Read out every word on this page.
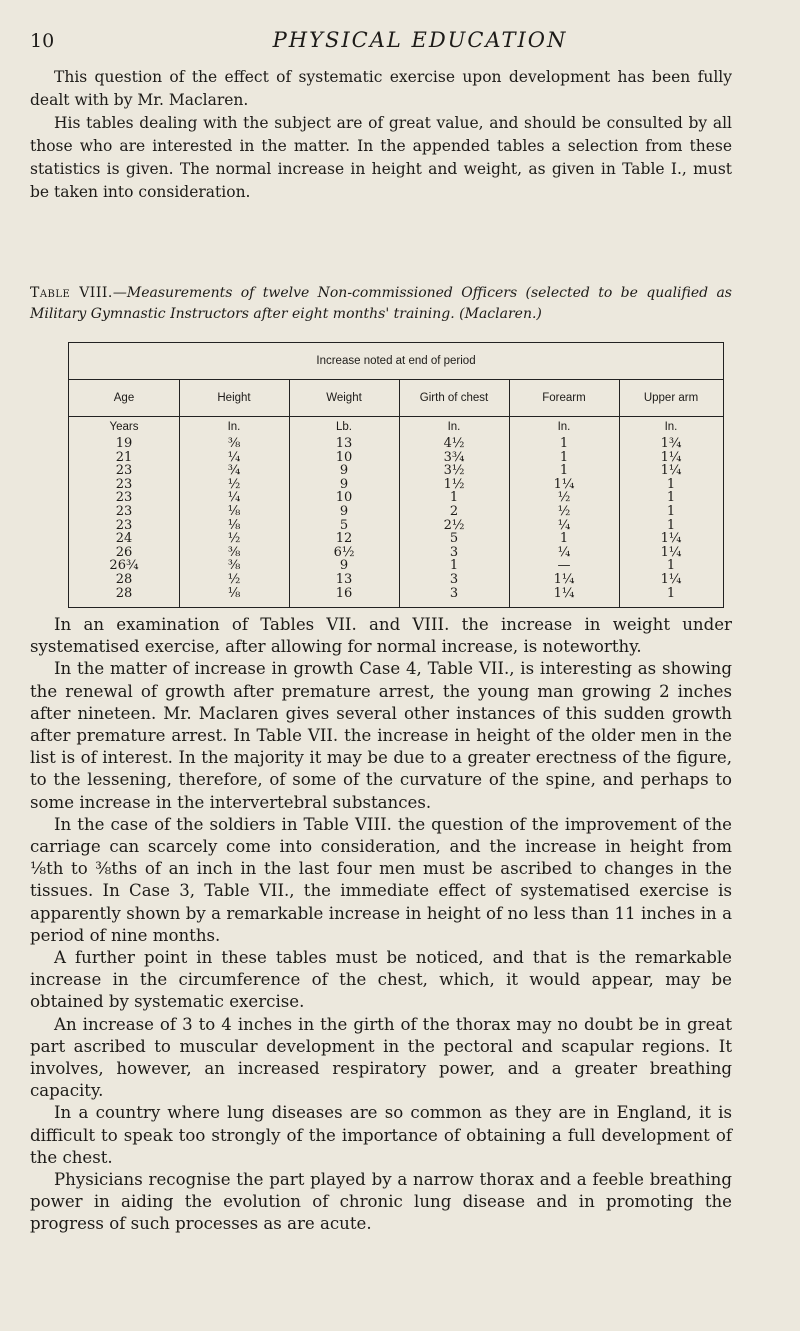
10	PHYSICAL EDUCATION

This question of the effect of systematic exercise upon development has been fully dealt with by Mr. Maclaren.

His tables dealing with the subject are of great value, and should be consulted by all those who are interested in the matter. In the appended tables a selection from these statistics is given. The normal increase in height and weight, as given in Table I., must be taken into consideration.

Table VIII.—Measurements of twelve Non-commissioned Officers (selected to be qualified as Military Gymnastic Instructors after eight months' training. (Maclaren.)
Increase noted at end of period
Age	Height	Weight	Girth of chest	Forearm	Upper arm
Years	In.	Lb.	In.	In.	In.
19	⅜	13	4½	1	1¾
21	¼	10	3¾	1	1¼
23	¾	9	3½	1	1¼
23	½	9	1½	1¼	1
23	¼	10	1	½	1
23	⅛	9	2	½	1
23	⅛	5	2½	¼	1
24	½	12	5	1	1¼
26	⅜	6½	3	¼	1¼
26¾	⅜	9	1	—	1
28	½	13	3	1¼	1¼
28	⅛	16	3	1¼	1

In an examination of Tables VII. and VIII. the increase in weight under systematised exercise, after allowing for normal increase, is noteworthy.

In the matter of increase in growth Case 4, Table VII., is interesting as showing the renewal of growth after premature arrest, the young man growing 2 inches after nineteen. Mr. Maclaren gives several other instances of this sudden growth after premature arrest. In Table VII. the increase in height of the older men in the list is of interest. In the majority it may be due to a greater erectness of the figure, to the lessening, therefore, of some of the curvature of the spine, and perhaps to some increase in the intervertebral substances.

In the case of the soldiers in Table VIII. the question of the improvement of the carriage can scarcely come into consideration, and the increase in height from ⅛th to ⅜ths of an inch in the last four men must be ascribed to changes in the tissues. In Case 3, Table VII., the immediate effect of systematised exercise is apparently shown by a remarkable increase in height of no less than 11 inches in a period of nine months.

A further point in these tables must be noticed, and that is the remarkable increase in the circumference of the chest, which, it would appear, may be obtained by systematic exercise.

An increase of 3 to 4 inches in the girth of the thorax may no doubt be in great part ascribed to muscular development in the pectoral and scapular regions. It involves, however, an increased respiratory power, and a greater breathing capacity.

In a country where lung diseases are so common as they are in England, it is difficult to speak too strongly of the importance of obtaining a full development of the chest.

Physicians recognise the part played by a narrow thorax and a feeble breathing power in aiding the evolution of chronic lung disease and in promoting the progress of such processes as are acute.
